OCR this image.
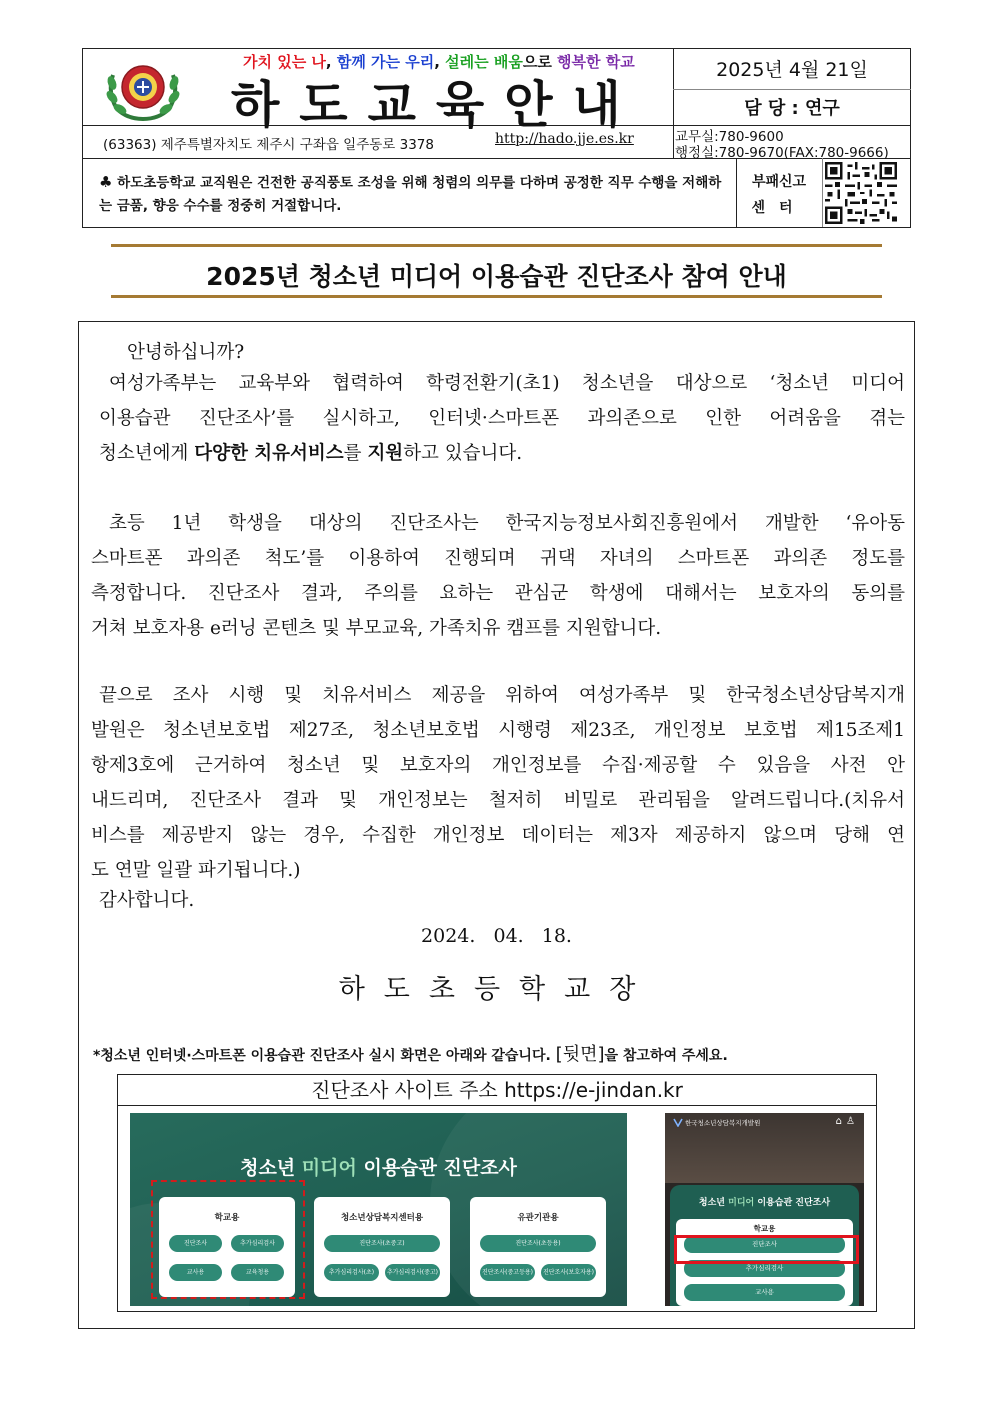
가치 있는 나, 함께 가는 우리, 설레는 배움으로 행복한 학교
하도교육안내
2025년 4월 21일
담 당 : 연구
(63363) 제주특별자치도 제주시 구좌읍 일주동로 3378	http://hado.jje.es.kr	교무실:780-9600
행정실:780-9670(FAX:780-9666)
♣ 하도초등학교 교직원은 건전한 공직풍토 조성을 위해 청렴의 의무를 다하며 공정한 직무 수행을 저해하는 금품, 향응 수수를 정중히 거절합니다.
부패신고
센터
2025년 청소년 미디어 이용습관 진단조사 참여 안내
안녕하십니까?
여성가족부는 교육부와 협력하여 학령전환기(초1) 청소년을 대상으로 ‘청소년 미디어
이용습관 진단조사’를 실시하고, 인터넷·스마트폰 과의존으로 인한 어려움을 겪는
청소년에게 다양한 치유서비스를 지원하고 있습니다.
초등 1년 학생을 대상의 진단조사는 한국지능정보사회진흥원에서 개발한 ‘유아동
스마트폰 과의존 척도’를 이용하여 진행되며 귀댁 자녀의 스마트폰 과의존 정도를
측정합니다. 진단조사 결과, 주의를 요하는 관심군 학생에 대해서는 보호자의 동의를
거쳐 보호자용 e러닝 콘텐츠 및 부모교육, 가족치유 캠프를 지원합니다.
끝으로 조사 시행 및 치유서비스 제공을 위하여 여성가족부 및 한국청소년상담복지개
발원은 청소년보호법 제27조, 청소년보호법 시행령 제23조, 개인정보 보호법 제15조제1
항제3호에 근거하여 청소년 및 보호자의 개인정보를 수집·제공할 수 있음을 사전 안
내드리며, 진단조사 결과 및 개인정보는 철저히 비밀로 관리됨을 알려드립니다.(치유서
비스를 제공받지 않는 경우, 수집한 개인정보 데이터는 제3자 제공하지 않으며 당해 연
도 연말 일괄 파기됩니다.)
감사합니다.
2024. 04. 18.
하도초등학교장
*청소년 인터넷·스마트폰 이용습관 진단조사 실시 화면은 아래와 같습니다. [뒷면]을 참고하여 주세요.
진단조사 사이트 주소 https://e-jindan.kr
청소년 미디어 이용습관 진단조사
학교용
진단조사	추가심리검사
교사용	교육청용
청소년상담복지센터용
진단조사(초중고)
추가심리검사(초)	추가심리검사(중고)
유관기관용
진단조사(초등용)
진단조사(중고등용)	진단조사(보호자용)
한국청소년상담복지개발원	⌂ ♙
청소년 미디어 이용습관 진단조사
학교용
진단조사
추가심리검사
교사용
